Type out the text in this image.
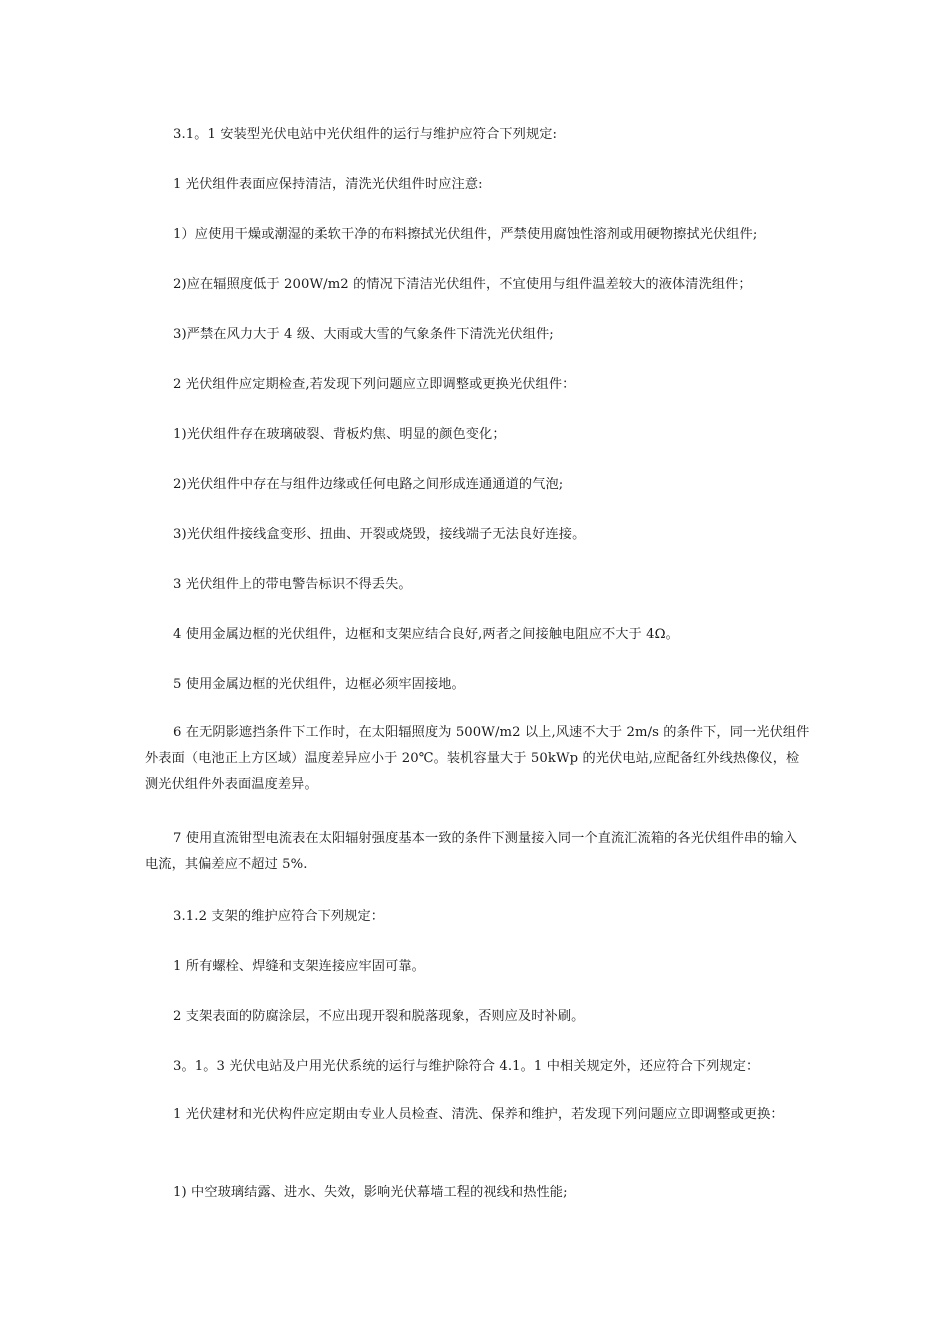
3.1。1 安装型光伏电站中光伏组件的运行与维护应符合下列规定:

1 光伏组件表面应保持清洁，清洗光伏组件时应注意:

1）应使用干燥或潮湿的柔软干净的布料擦拭光伏组件，严禁使用腐蚀性溶剂或用硬物擦拭光伏组件;

2)应在辐照度低于 200W/m2 的情况下清洁光伏组件，不宜使用与组件温差较大的液体清洗组件；

3)严禁在风力大于 4 级、大雨或大雪的气象条件下清洗光伏组件;

2 光伏组件应定期检查,若发现下列问题应立即调整或更换光伏组件：

1)光伏组件存在玻璃破裂、背板灼焦、明显的颜色变化；

2)光伏组件中存在与组件边缘或任何电路之间形成连通通道的气泡;

3)光伏组件接线盒变形、扭曲、开裂或烧毁，接线端子无法良好连接。

3 光伏组件上的带电警告标识不得丢失。

4 使用金属边框的光伏组件，边框和支架应结合良好,两者之间接触电阻应不大于 4Ω。

5 使用金属边框的光伏组件，边框必须牢固接地。

6 在无阴影遮挡条件下工作时，在太阳辐照度为 500W/m2 以上,风速不大于 2m/s 的条件下，同一光伏组件外表面（电池正上方区域）温度差异应小于 20℃。装机容量大于 50kWp 的光伏电站,应配备红外线热像仪，检测光伏组件外表面温度差异。

7 使用直流钳型电流表在太阳辐射强度基本一致的条件下测量接入同一个直流汇流箱的各光伏组件串的输入电流，其偏差应不超过 5%.

3.1.2 支架的维护应符合下列规定：

1 所有螺栓、焊缝和支架连接应牢固可靠。

2 支架表面的防腐涂层，不应出现开裂和脱落现象，否则应及时补刷。

3。1。3 光伏电站及户用光伏系统的运行与维护除符合 4.1。1 中相关规定外，还应符合下列规定：

1 光伏建材和光伏构件应定期由专业人员检查、清洗、保养和维护，若发现下列问题应立即调整或更换：

1) 中空玻璃结露、进水、失效，影响光伏幕墙工程的视线和热性能;
